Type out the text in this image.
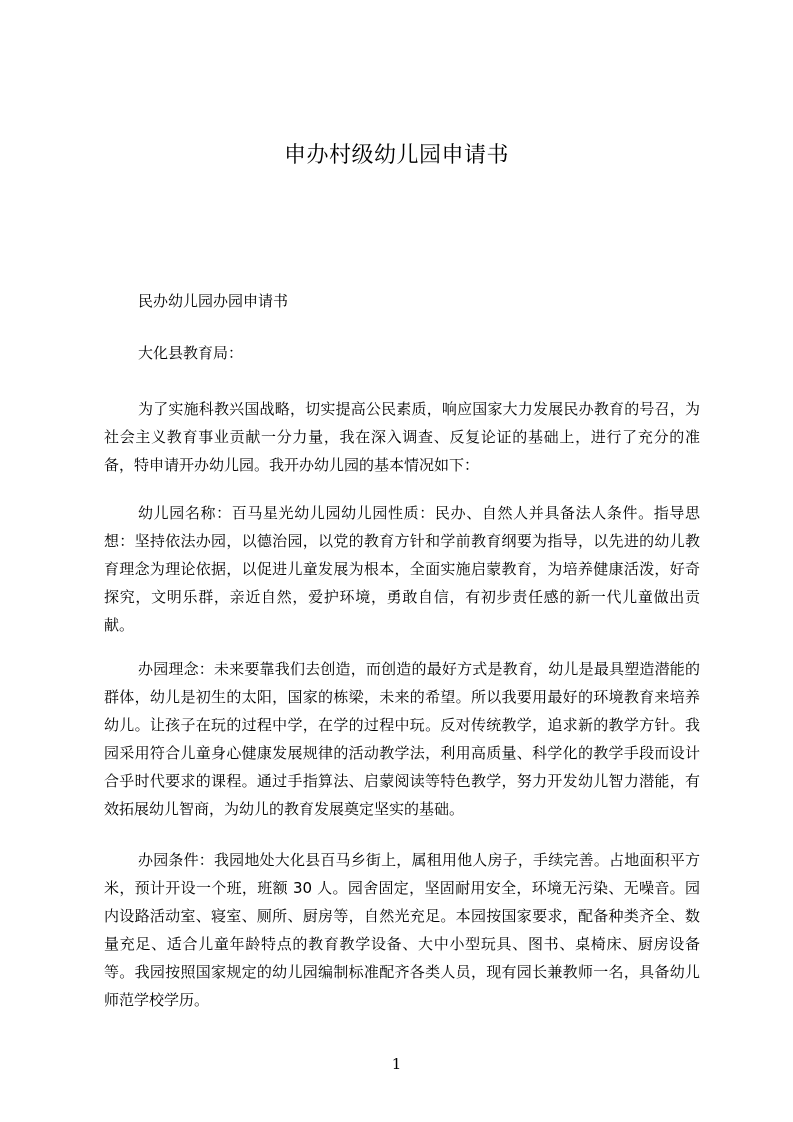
申办村级幼儿园申请书
民办幼儿园办园申请书
大化县教育局：
为了实施科教兴国战略，切实提高公民素质，响应国家大力发展民办教育的号召，为社会主义教育事业贡献一分力量，我在深入调查、反复论证的基础上，进行了充分的准备，特申请开办幼儿园。我开办幼儿园的基本情况如下：
幼儿园名称：百马星光幼儿园幼儿园性质：民办、自然人并具备法人条件。指导思想：坚持依法办园，以德治园，以党的教育方针和学前教育纲要为指导，以先进的幼儿教育理念为理论依据，以促进儿童发展为根本，全面实施启蒙教育，为培养健康活泼，好奇探究，文明乐群，亲近自然，爱护环境，勇敢自信，有初步责任感的新一代儿童做出贡献。
办园理念：未来要靠我们去创造，而创造的最好方式是教育，幼儿是最具塑造潜能的群体，幼儿是初生的太阳，国家的栋梁，未来的希望。所以我要用最好的环境教育来培养幼儿。让孩子在玩的过程中学，在学的过程中玩。反对传统教学，追求新的教学方针。我园采用符合儿童身心健康发展规律的活动教学法，利用高质量、科学化的教学手段而设计合乎时代要求的课程。通过手指算法、启蒙阅读等特色教学，努力开发幼儿智力潜能，有效拓展幼儿智商，为幼儿的教育发展奠定坚实的基础。
办园条件：我园地处大化县百马乡街上，属租用他人房子，手续完善。占地面积平方米，预计开设一个班，班额 30 人。园舍固定，坚固耐用安全，环境无污染、无噪音。园内设路活动室、寝室、厕所、厨房等，自然光充足。本园按国家要求，配备种类齐全、数量充足、适合儿童年龄特点的教育教学设备、大中小型玩具、图书、桌椅床、厨房设备等。我园按照国家规定的幼儿园编制标准配齐各类人员，现有园长兼教师一名，具备幼儿师范学校学历。
1
